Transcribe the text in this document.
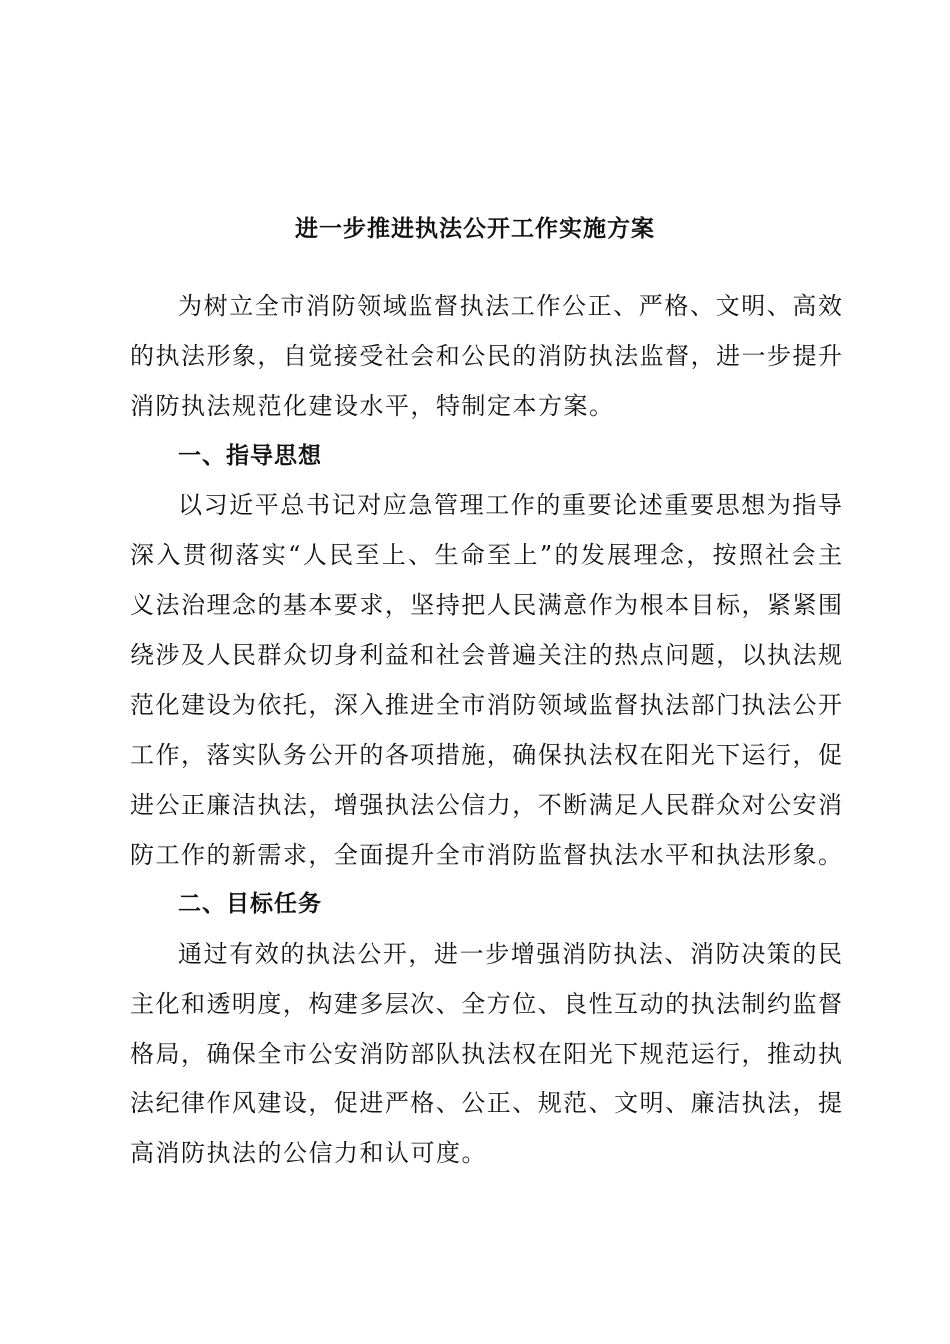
进一步推进执法公开工作实施方案
为树立全市消防领域监督执法工作公正、严格、文明、高效
的执法形象，自觉接受社会和公民的消防执法监督，进一步提升
消防执法规范化建设水平，特制定本方案。
一、指导思想
以习近平总书记对应急管理工作的重要论述重要思想为指导
深入贯彻落实“人民至上、生命至上”的发展理念，按照社会主
义法治理念的基本要求，坚持把人民满意作为根本目标，紧紧围
绕涉及人民群众切身利益和社会普遍关注的热点问题，以执法规
范化建设为依托，深入推进全市消防领域监督执法部门执法公开
工作，落实队务公开的各项措施，确保执法权在阳光下运行，促
进公正廉洁执法，增强执法公信力，不断满足人民群众对公安消
防工作的新需求，全面提升全市消防监督执法水平和执法形象。
二、目标任务
通过有效的执法公开，进一步增强消防执法、消防决策的民
主化和透明度，构建多层次、全方位、良性互动的执法制约监督
格局，确保全市公安消防部队执法权在阳光下规范运行，推动执
法纪律作风建设，促进严格、公正、规范、文明、廉洁执法，提
高消防执法的公信力和认可度。
